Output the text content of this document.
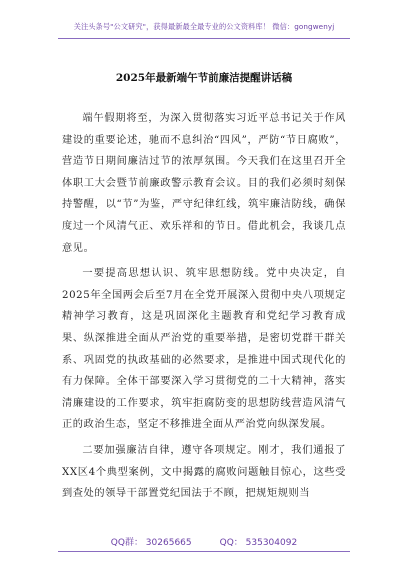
关注头条号"公文研究"，获得最新最全最专业的公文资料库！ 微信：gongwenyj
2025年最新端午节前廉洁提醒讲话稿

端午假期将至，为深入贯彻落实习近平总书记关于作风建设的重要论述，驰而不息纠治“四风”，严防“节日腐败”，营造节日期间廉洁过节的浓厚氛围。今天我们在这里召开全体职工大会暨节前廉政警示教育会议。目的我们必须时刻保持警醒，以“节”为鉴，严守纪律红线，筑牢廉洁防线，确保度过一个风清气正、欢乐祥和的节日。借此机会，我谈几点意见。

一要提高思想认识、筑牢思想防线。党中央决定，自2025年全国两会后至7月在全党开展深入贯彻中央八项规定精神学习教育，这是巩固深化主题教育和党纪学习教育成果、纵深推进全面从严治党的重要举措，是密切党群干群关系、巩固党的执政基础的必然要求，是推进中国式现代化的有力保障。全体干部要深入学习贯彻党的二十大精神，落实清廉建设的工作要求，筑牢拒腐防变的思想防线营造风清气正的政治生态，坚定不移推进全面从严治党向纵深发展。

二要加强廉洁自律，遵守各项规定。刚才，我们通报了XX区4个典型案例，文中揭露的腐败问题触目惊心，这些受到查处的领导干部置党纪国法于不顾，把规矩规则当

QQ群： 30265665	QQ： 535304092
